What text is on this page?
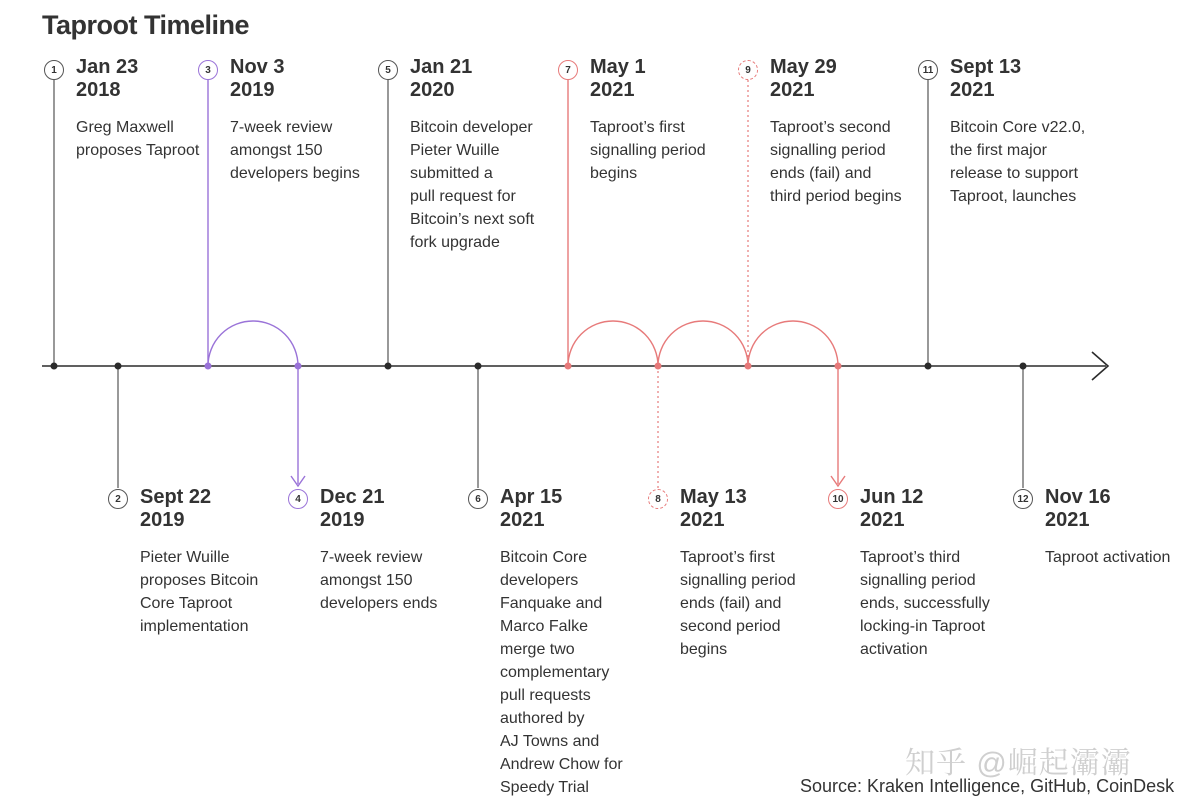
Taproot Timeline
1 Jan 23
2018
Greg Maxwell
proposes Taproot
3 Nov 3
2019
7-week review
amongst 150
developers begins
5 Jan 21
2020
Bitcoin developer
Pieter Wuille
submitted a
pull request for
Bitcoin’s next soft
fork upgrade
7 May 1
2021
Taproot’s first
signalling period
begins
9 May 29
2021
Taproot’s second
signalling period
ends (fail) and
third period begins
11 Sept 13
2021
Bitcoin Core v22.0,
the first major
release to support
Taproot, launches
2 Sept 22
2019
Pieter Wuille
proposes Bitcoin
Core Taproot
implementation
4 Dec 21
2019
7-week review
amongst 150
developers ends
6 Apr 15
2021
Bitcoin Core
developers
Fanquake and
Marco Falke
merge two
complementary
pull requests
authored by
AJ Towns and
Andrew Chow for
Speedy Trial
8 May 13
2021
Taproot’s first
signalling period
ends (fail) and
second period
begins
10 Jun 12
2021
Taproot’s third
signalling period
ends, successfully
locking-in Taproot
activation
12 Nov 16
2021
Taproot activation
知乎 @崛起灞灞
Source: Kraken Intelligence, GitHub, CoinDesk
